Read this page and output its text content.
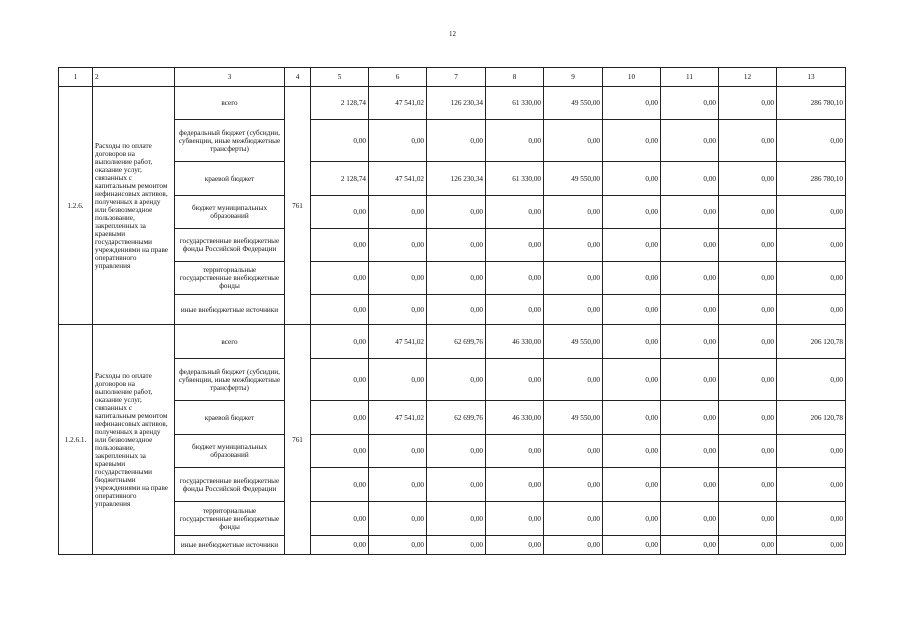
12
1	2	3	4	5	6	7	8	9	10	11	12	13
1.2.6.	Расходы по оплате договоров на выполнение работ, оказание услуг, связанных с капитальным ремонтом нефинансовых активов, полученных в аренду или безвозмездное пользование, закрепленных за краевыми государственными учреждениями на праве оперативного управления	всего	761	2 128,74	47 541,02	126 230,34	61 330,00	49 550,00	0,00	0,00	0,00	286 780,10
		федеральный бюджет (субсидии, субвенции, иные межбюджетные трансферты)		0,00	0,00	0,00	0,00	0,00	0,00	0,00	0,00	0,00
		краевой бюджет		2 128,74	47 541,02	126 230,34	61 330,00	49 550,00	0,00	0,00	0,00	286 780,10
		бюджет муниципальных образований		0,00	0,00	0,00	0,00	0,00	0,00	0,00	0,00	0,00
		государственные внебюджетные фонды Российской Федерации		0,00	0,00	0,00	0,00	0,00	0,00	0,00	0,00	0,00
		территориальные государственные внебюджетные фонды		0,00	0,00	0,00	0,00	0,00	0,00	0,00	0,00	0,00
		иные внебюджетные источники		0,00	0,00	0,00	0,00	0,00	0,00	0,00	0,00	0,00
1.2.6.1.	Расходы по оплате договоров на выполнение работ, оказание услуг, связанных с капитальным ремонтом нефинансовых активов, полученных в аренду или безвозмездное пользование, закрепленных за краевыми государственными бюджетными учреждениями на праве оперативного управления	всего	761	0,00	47 541,02	62 699,76	46 330,00	49 550,00	0,00	0,00	0,00	206 120,78
		федеральный бюджет (субсидии, субвенции, иные межбюджетные трансферты)		0,00	0,00	0,00	0,00	0,00	0,00	0,00	0,00	0,00
		краевой бюджет		0,00	47 541,02	62 699,76	46 330,00	49 550,00	0,00	0,00	0,00	206 120,78
		бюджет муниципальных образований		0,00	0,00	0,00	0,00	0,00	0,00	0,00	0,00	0,00
		государственные внебюджетные фонды Российской Федерации		0,00	0,00	0,00	0,00	0,00	0,00	0,00	0,00	0,00
		территориальные государственные внебюджетные фонды		0,00	0,00	0,00	0,00	0,00	0,00	0,00	0,00	0,00
		иные внебюджетные источники		0,00	0,00	0,00	0,00	0,00	0,00	0,00	0,00	0,00
